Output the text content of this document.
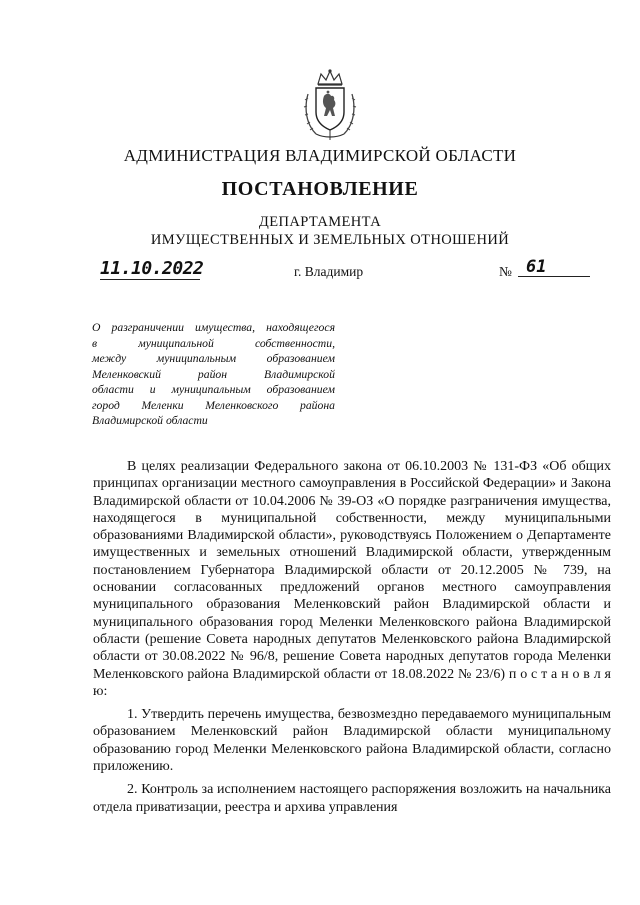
АДМИНИСТРАЦИЯ ВЛАДИМИРСКОЙ ОБЛАСТИ
ПОСТАНОВЛЕНИЕ
ДЕПАРТАМЕНТА
ИМУЩЕСТВЕННЫХ И ЗЕМЕЛЬНЫХ ОТНОШЕНИЙ
11.10.2022	г. Владимир	№ 61
О разграничении имущества, находящегося
в муниципальной собственности,
между муниципальным образованием
Меленковский район Владимирской
области и муниципальным образованием
город Меленки Меленковского района
Владимирской области

В целях реализации Федерального закона от 06.10.2003 № 131-ФЗ «Об общих принципах организации местного самоуправления в Российской Федерации» и Закона Владимирской области от 10.04.2006 № 39-ОЗ «О порядке разграничения имущества, находящегося в муниципальной собственности, между муниципальными образованиями Владимирской области», руководствуясь Положением о Департаменте имущественных и земельных отношений Владимирской области, утвержденным постановлением Губернатора Владимирской области от 20.12.2005 № 739, на основании согласованных предложений органов местного самоуправления муниципального образования Меленковский район Владимирской области и муниципального образования город Меленки Меленковского района Владимирской области (решение Совета народных депутатов Меленковского района Владимирской области от 30.08.2022 № 96/8, решение Совета народных депутатов города Меленки Меленковского района Владимирской области от 18.08.2022 № 23/6) п о с т а н о в л я ю:

1. Утвердить перечень имущества, безвозмездно передаваемого муниципальным образованием Меленковский район Владимирской области муниципальному образованию город Меленки Меленковского района Владимирской области, согласно приложению.

2. Контроль за исполнением настоящего распоряжения возложить на начальника отдела приватизации, реестра и архива управления
